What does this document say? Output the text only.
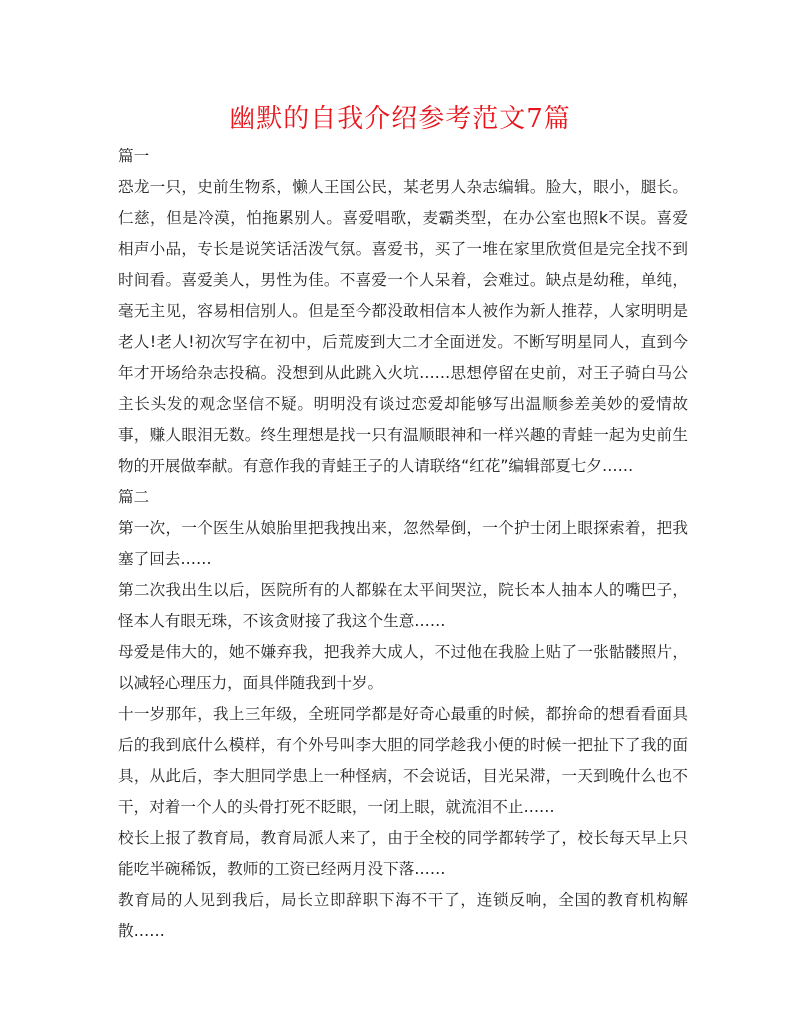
幽默的自我介绍参考范文7篇
篇一

恐龙一只，史前生物系，懒人王国公民，某老男人杂志编辑。脸大，眼小，腿长。仁慈，但是冷漠，怕拖累别人。喜爱唱歌，麦霸类型，在办公室也照k不误。喜爱相声小品，专长是说笑话活泼气氛。喜爱书，买了一堆在家里欣赏但是完全找不到时间看。喜爱美人，男性为佳。不喜爱一个人呆着，会难过。缺点是幼稚，单纯，毫无主见，容易相信别人。但是至今都没敢相信本人被作为新人推荐，人家明明是老人!老人!初次写字在初中，后荒废到大二才全面迸发。不断写明星同人，直到今年才开场给杂志投稿。没想到从此跳入火坑……思想停留在史前，对王子骑白马公主长头发的观念坚信不疑。明明没有谈过恋爱却能够写出温顺参差美妙的爱情故事，赚人眼泪无数。终生理想是找一只有温顺眼神和一样兴趣的青蛙一起为史前生物的开展做奉献。有意作我的青蛙王子的人请联络“红花”编辑部夏七夕……

篇二

第一次，一个医生从娘胎里把我拽出来，忽然晕倒，一个护士闭上眼探索着，把我塞了回去……

第二次我出生以后，医院所有的人都躲在太平间哭泣，院长本人抽本人的嘴巴子，怪本人有眼无珠，不该贪财接了我这个生意……

母爱是伟大的，她不嫌弃我，把我养大成人，不过他在我脸上贴了一张骷髅照片，以减轻心理压力，面具伴随我到十岁。

十一岁那年，我上三年级，全班同学都是好奇心最重的时候，都拚命的想看看面具后的我到底什么模样，有个外号叫李大胆的同学趁我小便的时候一把扯下了我的面具，从此后，李大胆同学患上一种怪病，不会说话，目光呆滞，一天到晚什么也不干，对着一个人的头骨打死不眨眼，一闭上眼，就流泪不止……

校长上报了教育局，教育局派人来了，由于全校的同学都转学了，校长每天早上只能吃半碗稀饭，教师的工资已经两月没下落……

教育局的人见到我后，局长立即辞职下海不干了，连锁反响，全国的教育机构解散……
